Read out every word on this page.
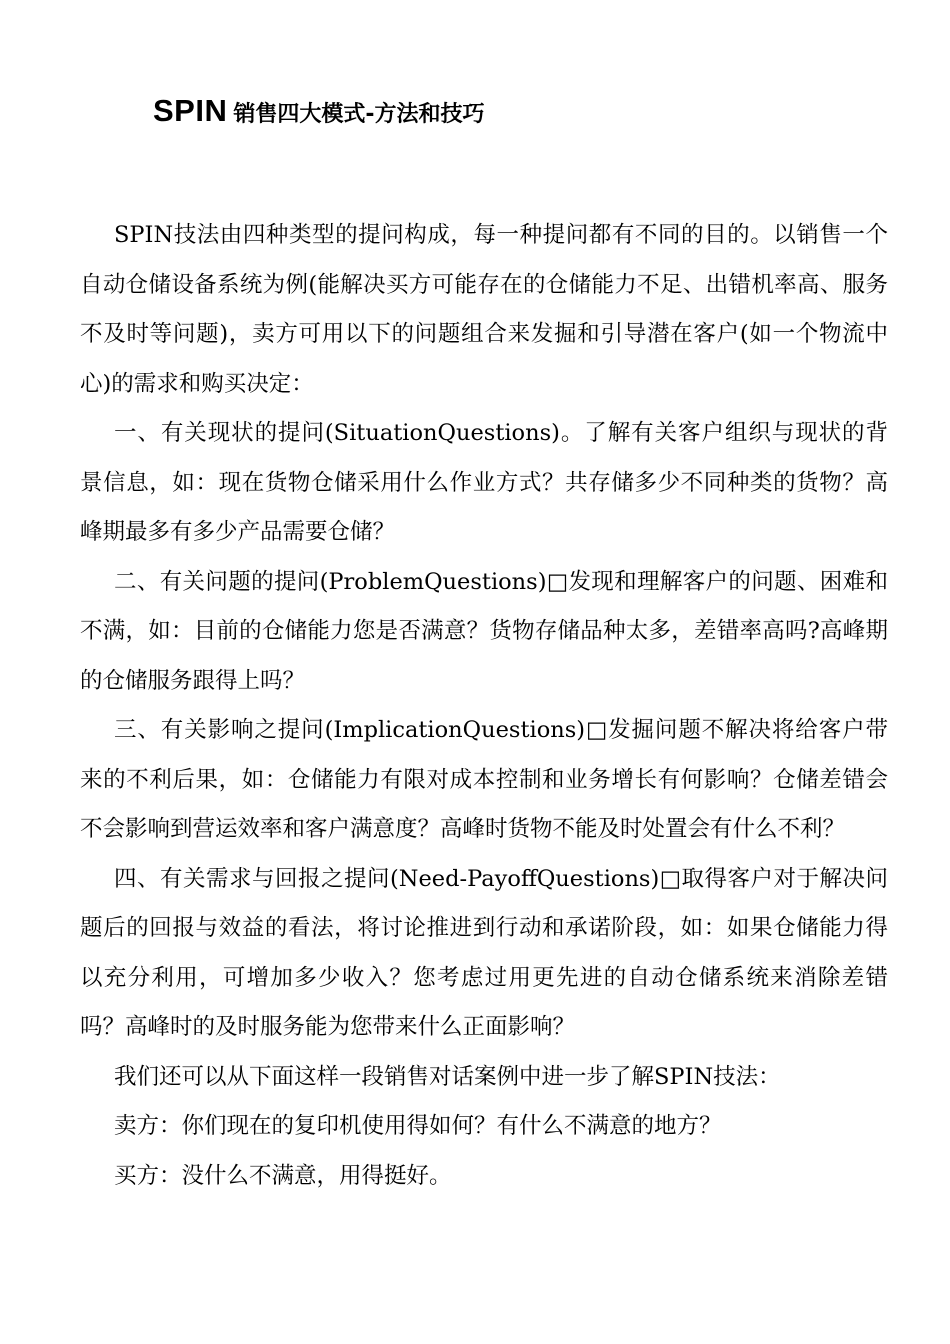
SPIN 销售四大模式-方法和技巧

SPIN技法由四种类型的提问构成，每一种提问都有不同的目的。以销售一个自动仓储设备系统为例(能解决买方可能存在的仓储能力不足、出错机率高、服务不及时等问题)，卖方可用以下的问题组合来发掘和引导潜在客户(如一个物流中心)的需求和购买决定：

一、有关现状的提问(SituationQuestions)。了解有关客户组织与现状的背景信息，如：现在货物仓储采用什么作业方式？共存储多少不同种类的货物？高峰期最多有多少产品需要仓储？

二、有关问题的提问(ProblemQuestions)□发现和理解客户的问题、困难和不满，如：目前的仓储能力您是否满意？货物存储品种太多，差错率高吗?高峰期的仓储服务跟得上吗？

三、有关影响之提问(ImplicationQuestions)□发掘问题不解决将给客户带来的不利后果，如：仓储能力有限对成本控制和业务增长有何影响？仓储差错会不会影响到营运效率和客户满意度？高峰时货物不能及时处置会有什么不利？

四、有关需求与回报之提问(Need-PayoffQuestions)□取得客户对于解决问题后的回报与效益的看法，将讨论推进到行动和承诺阶段，如：如果仓储能力得以充分利用，可增加多少收入？您考虑过用更先进的自动仓储系统来消除差错吗？高峰时的及时服务能为您带来什么正面影响？

我们还可以从下面这样一段销售对话案例中进一步了解SPIN技法：

卖方：你们现在的复印机使用得如何？有什么不满意的地方？

买方：没什么不满意，用得挺好。
